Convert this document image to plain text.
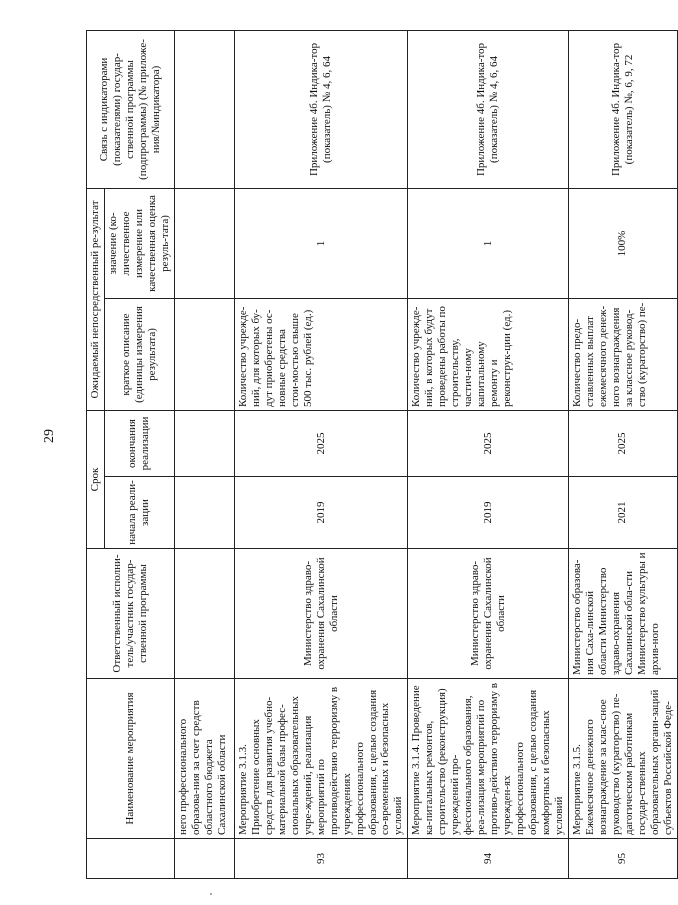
29
	Наименование мероприятия	Ответственный исполни-тель/участник государ-ственной программы	Срок		Ожидаемый непосредственный ре-зультат		Связь с индикаторами (показателями) государ-ственной программы (подпрограммы) (№ приложе-ния/№индикатора)
			начала реали-зации	окончания реализации	краткое описание (единицы измерения результата)	значение (ко-личественное измерение или качественная оценка резуль-тата)	
	него профессионального образова-ния за счет средств областного бюджета Сахалинской области						
93	Мероприятие 3.1.3. Приобретение основных средств для развития учебно-материальной базы профес-сиональных образовательных учре-ждений, реализация мероприятий по противодействию терроризму в учреждениях профессионального образования, с целью создания со-временных и безопасных условий	Министерство здраво-охранения Сахалинской области	2019	2025	Количество учрежде-ний, для которых бу-дут приобретены ос-новные средства стои-мостью свыше 500 тыс. рублей (ед.)	1	Приложение 4б. Индика-тор (показатель) № 4, 6, 64
94	Мероприятие 3.1.4. Проведение ка-питальных ремонтов, строительство (реконструкция) учреждений про-фессионального образования, реа-лизация мероприятий по противо-действию терроризму в учрежден-ях профессионального образования, с целью создания комфортных и безопасных условий	Министерство здраво-охранения Сахалинской области	2019	2025	Количество учрежде-ний, в которых будут проведены работы по строительству, частич-ному капитальному ремонту и реконструк-ции (ед.)	1	Приложение 4б. Индика-тор (показатель) № 4, 6, 64
95	Мероприятие 3.1.5. Ежемесячное денежного вознаграждение за клас-сное руководство (кураторство) пе-дагогическим работникам государ-ственных образовательных органи-заций субъектов Российской Феде-	Министерство образова-ния Саха-линской области Министерство здраво-охранения Сахалинской обла-сти Министерство культуры и архив-ного	2021	2025	Количество предо-ставленных выплат ежемесячного денеж-ного вознаграждения за классное руковод-ство (кураторство) пе-	100%	Приложение 4б. Индика-тор (показатель) №, 6, 9, 72
